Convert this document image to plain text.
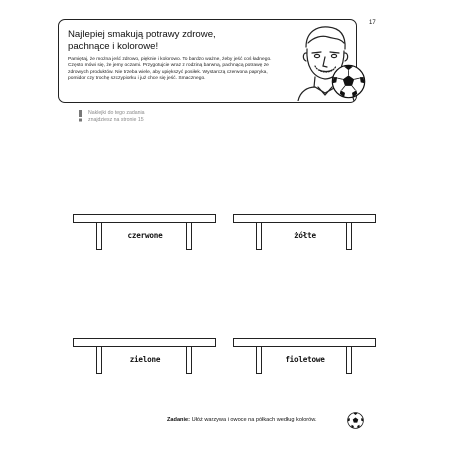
17
Najlepiej smakują potrawy zdrowe, pachnące i kolorowe!
Pamiętaj, że można jeść zdrowo, pięknie i kolorowo. To bardzo ważne, żeby jeść coś ładnego. Często mówi się, że jemy oczami. Przygotujcie wraz z rodziną barwną, pachnącą potrawę ze zdrowych produktów. Nie trzeba wiele, aby upiększyć posiłek. Wystarczą czerwona papryka, pomidor czy trochę szczypiorku i już chce się jeść. Smacznego.
Naklejki do tego zadania
znajdziesz na stronie 15
czerwone	żółte
zielone	fioletowe
Zadanie: Ułóż warzywa i owoce na półkach według kolorów.
